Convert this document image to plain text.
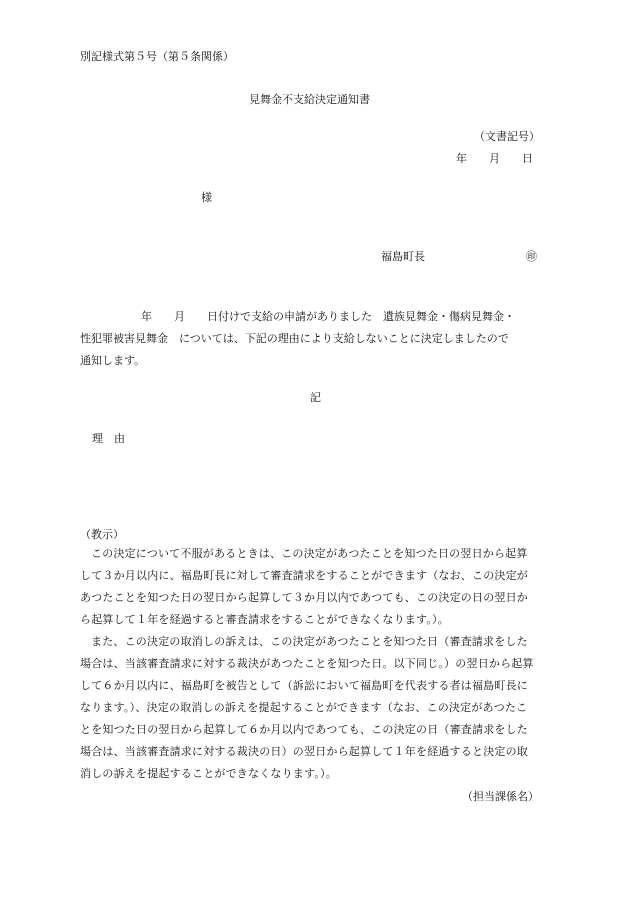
別記様式第５号（第５条関係）
見舞金不支給決定通知書
（文書記号）
年　　月　　日
様
福島町長	㊞
年　　月　　日付けで支給の申請がありました　遺族見舞金・傷病見舞金・
性犯罪被害見舞金　については、下記の理由により支給しないことに決定しましたので
通知します。
記
理　由
（教示）
この決定について不服があるときは、この決定があつたことを知つた日の翌日から起算
して３か月以内に、福島町長に対して審査請求をすることができます（なお、この決定が
あつたことを知つた日の翌日から起算して３か月以内であつても、この決定の日の翌日か
ら起算して１年を経過すると審査請求をすることができなくなります。）。
また、この決定の取消しの訴えは、この決定があつたことを知つた日（審査請求をした
場合は、当該審査請求に対する裁決があつたことを知つた日。以下同じ。）の翌日から起算
して６か月以内に、福島町を被告として（訴訟において福島町を代表する者は福島町長に
なります。）、決定の取消しの訴えを提起することができます（なお、この決定があつたこ
とを知つた日の翌日から起算して６か月以内であつても、この決定の日（審査請求をした
場合は、当該審査請求に対する裁決の日）の翌日から起算して１年を経過すると決定の取
消しの訴えを提起することができなくなります。）。
（担当課係名）
